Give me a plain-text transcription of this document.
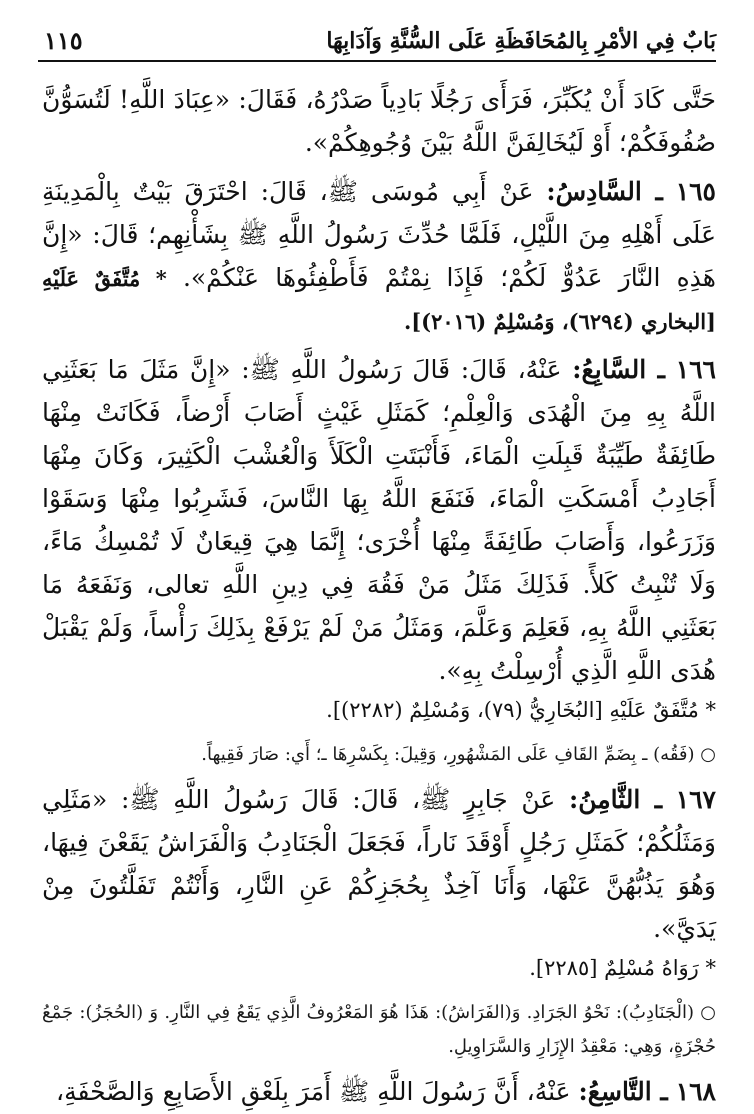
بَابٌ فِي الأمْرِ بِالمُحَافَظَةِ عَلَى السُّنَّةِ وَآدَابِهَا
١١٥

حَتَّى كَادَ أَنْ يُكَبِّرَ، فَرَأَى رَجُلًا بَادِياً صَدْرُهُ، فَقَالَ: «عِبَادَ اللَّهِ! لَتُسَوُّنَّ صُفُوفَكُمْ؛ أَوْ لَيُخَالِفَنَّ اللَّهُ بَيْنَ وُجُوهِكُمْ».

١٦٥ ـ السَّادِسُ: عَنْ أَبِي مُوسَى ﷺ، قَالَ: احْتَرَقَ بَيْتٌ بِالْمَدِينَةِ عَلَى أَهْلِهِ مِنَ اللَّيْلِ، فَلَمَّا حُدِّثَ رَسُولُ اللَّهِ ﷺ بِشَأْنِهِم؛ قَالَ: «إِنَّ هَذِهِ النَّارَ عَدُوٌّ لَكُمْ؛ فَإِذَا نِمْتُمْ فَأَطْفِئُوهَا عَنْكُمْ». * مُتَّفَقٌ عَلَيْهِ [البخاري (٦٢٩٤)، وَمُسْلِمٌ (٢٠١٦)].

١٦٦ ـ السَّابِعُ: عَنْهُ، قَالَ: قَالَ رَسُولُ اللَّهِ ﷺ: «إِنَّ مَثَلَ مَا بَعَثَنِي اللَّهُ بِهِ مِنَ الْهُدَى وَالْعِلْمِ؛ كَمَثَلِ غَيْثٍ أَصَابَ أَرْضاً، فَكَانَتْ مِنْهَا طَائِفَةٌ طَيِّبَةٌ قَبِلَتِ الْمَاءَ، فَأَنْبَتَتِ الْكَلَأَ وَالْعُشْبَ الْكَثِيرَ، وَكَانَ مِنْهَا أَجَادِبُ أَمْسَكَتِ الْمَاءَ، فَنَفَعَ اللَّهُ بِهَا النَّاسَ، فَشَرِبُوا مِنْهَا وَسَقَوْا وَزَرَعُوا، وَأَصَابَ طَائِفَةً مِنْهَا أُخْرَى؛ إِنَّمَا هِيَ قِيعَانٌ لَا تُمْسِكُ مَاءً، وَلَا تُنْبِتُ كَلأً. فَذَلِكَ مَثَلُ مَنْ فَقُهَ فِي دِينِ اللَّهِ تعالى، وَنَفَعَهُ مَا بَعَثَنِي اللَّهُ بِهِ، فَعَلِمَ وَعَلَّمَ، وَمَثَلُ مَنْ لَمْ يَرْفَعْ بِذَلِكَ رَأْساً، وَلَمْ يَقْبَلْ هُدَى اللَّهِ الَّذِي أُرْسِلْتُ بِهِ».

* مُتَّفَقٌ عَلَيْهِ [البُخَارِيُّ (٧٩)، وَمُسْلِمٌ (٢٢٨٢)].

○ (فَقُه) ـ بِضَمِّ القَافِ عَلَى المَشْهُورِ، وَقِيلَ: بِكَسْرِهَا ـ؛ أَي: صَارَ فَقِيهاً.

١٦٧ ـ الثَّامِنُ: عَنْ جَابِرٍ ﷺ، قَالَ: قَالَ رَسُولُ اللَّهِ ﷺ: «مَثَلِي وَمَثَلُكُمْ؛ كَمَثَلِ رَجُلٍ أَوْقَدَ نَاراً، فَجَعَلَ الْجَنَادِبُ وَالْفَرَاشُ يَقَعْنَ فِيهَا، وَهُوَ يَذُبُّهُنَّ عَنْهَا، وَأَنَا آخِذٌ بِحُجَزِكُمْ عَنِ النَّارِ، وَأَنْتُمْ تَفَلَّتُونَ مِنْ يَدَيَّ».

* رَوَاهُ مُسْلِمٌ [٢٢٨٥].

○ (الْجَنَادِبُ): نَحْوُ الجَرَادِ. وَ(الفَرَاشُ): هَذَا هُوَ المَعْرُوفُ الَّذِي يَقَعُ فِي النَّارِ. وَ (الحُجَزُ): جَمْعُ حُجْزَةٍ، وَهِي: مَعْقِدُ الإِزَارِ وَالسَّرَاوِيلِ.

١٦٨ ـ التَّاسِعُ: عَنْهُ، أَنَّ رَسُولَ اللَّهِ ﷺ أَمَرَ بِلَعْقِ الأَصَابِعِ وَالصَّحْفَةِ،
